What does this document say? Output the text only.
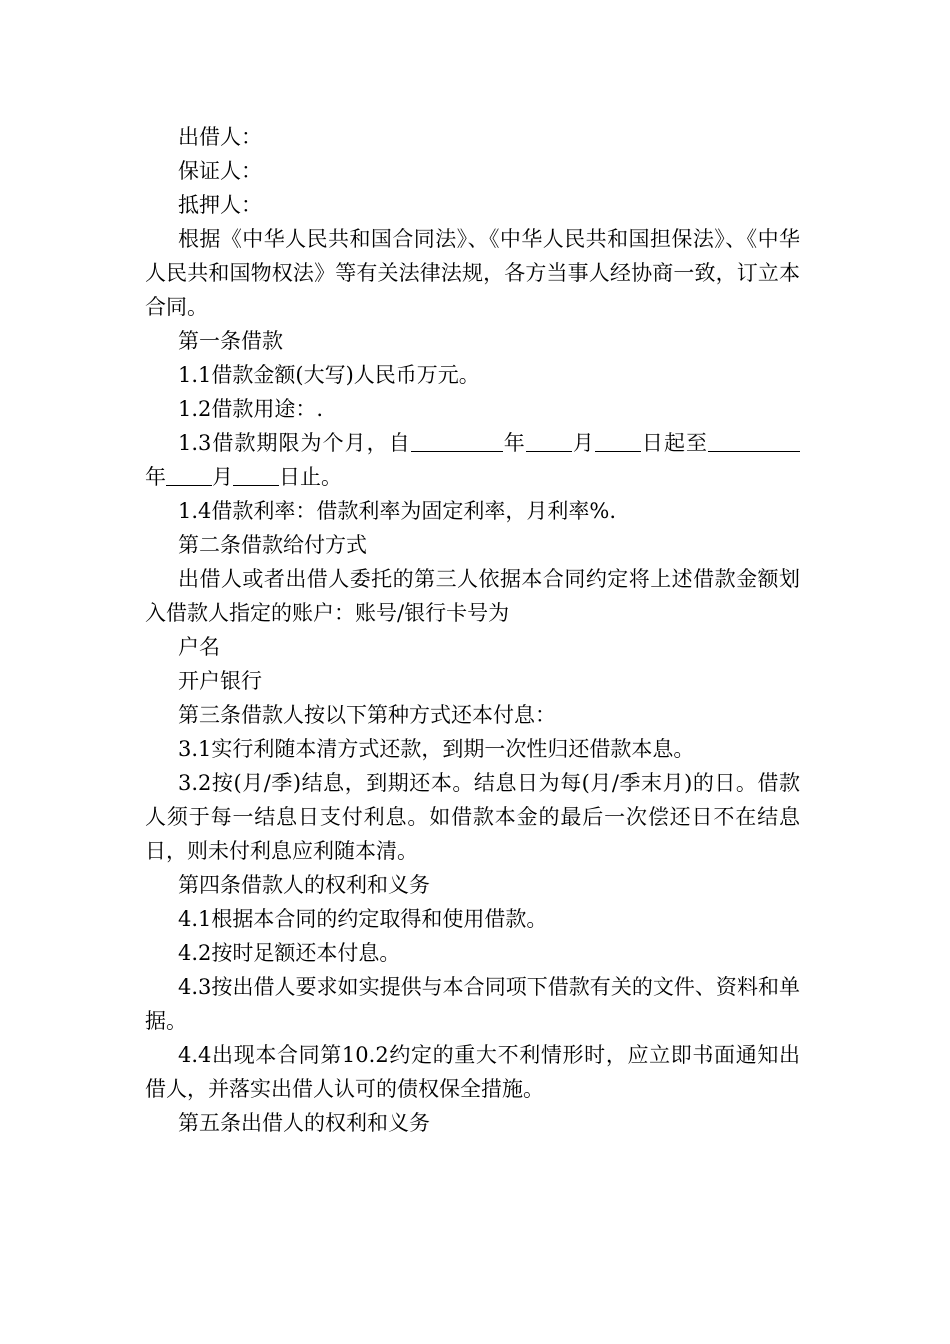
出借人：

保证人：

抵押人：

根据《中华人民共和国合同法》、《中华人民共和国担保法》、《中华人民共和国物权法》等有关法律法规，各方当事人经协商一致，订立本合同。

第一条借款

1.1借款金额(大写)人民币万元。

1.2借款用途：.

1.3借款期限为个月，自	年 月 日起至年 月 日止。

1.4借款利率：借款利率为固定利率，月利率%.

第二条借款给付方式

出借人或者出借人委托的第三人依据本合同约定将上述借款金额划入借款人指定的账户：账号/银行卡号为

户名

开户银行

第三条借款人按以下第种方式还本付息：

3.1实行利随本清方式还款，到期一次性归还借款本息。

3.2按(月/季)结息，到期还本。结息日为每(月/季末月)的日。借款人须于每一结息日支付利息。如借款本金的最后一次偿还日不在结息日，则未付利息应利随本清。

第四条借款人的权利和义务

4.1根据本合同的约定取得和使用借款。

4.2按时足额还本付息。

4.3按出借人要求如实提供与本合同项下借款有关的文件、资料和单据。

4.4出现本合同第10.2约定的重大不利情形时，应立即书面通知出借人，并落实出借人认可的债权保全措施。

第五条出借人的权利和义务
